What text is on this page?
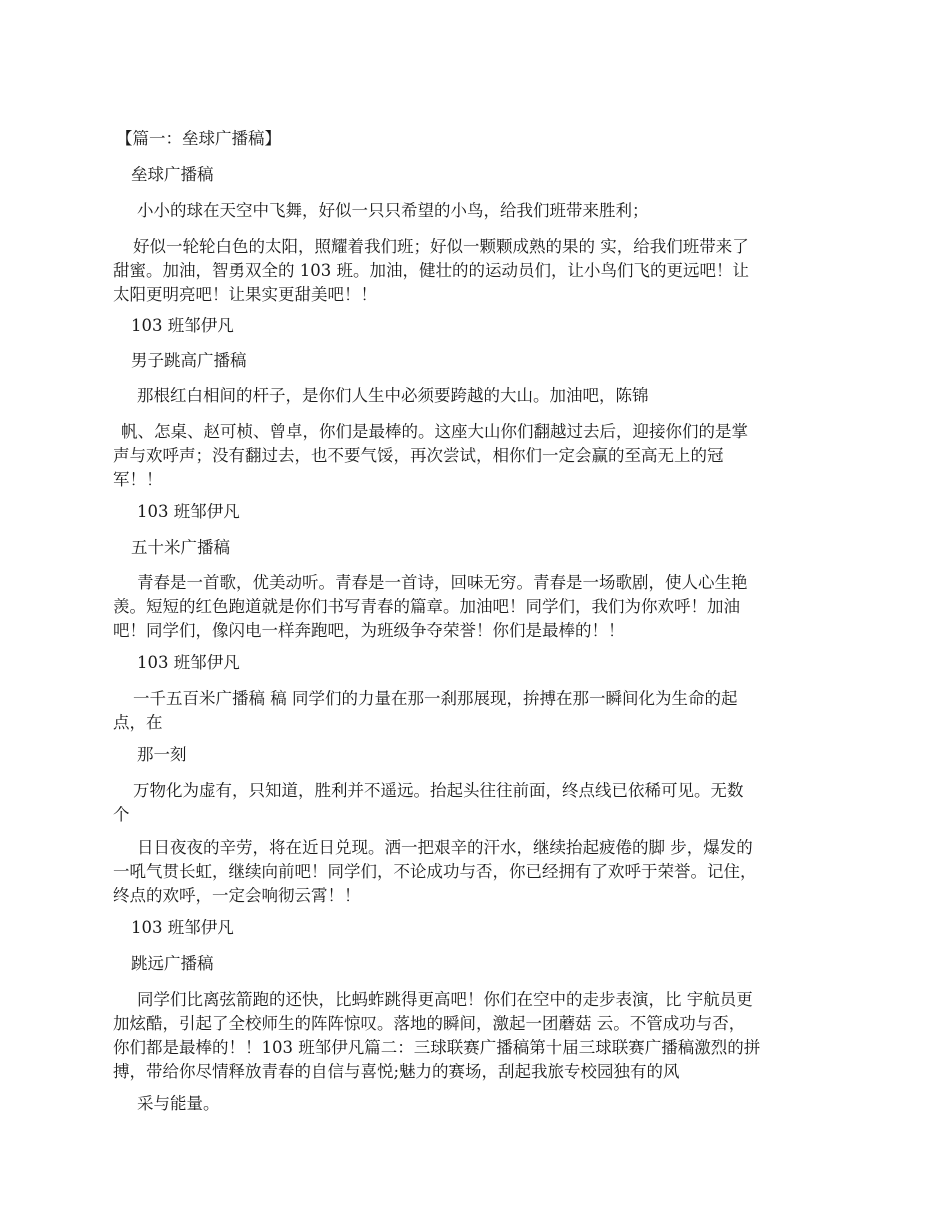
【篇一：垒球广播稿】

垒球广播稿

小小的球在天空中飞舞，好似一只只希望的小鸟，给我们班带来胜利；
好似一轮轮白色的太阳，照耀着我们班；好似一颗颗成熟的果的 实，给我们班带来了
甜蜜。加油，智勇双全的 103 班。加油，健壮的的运动员们，让小鸟们飞的更远吧！让
太阳更明亮吧！让果实更甜美吧！！

103 班邹伊凡

男子跳高广播稿

那根红白相间的杆子，是你们人生中必须要跨越的大山。加油吧，陈锦
帆、怎桌、赵可桢、曾卓，你们是最棒的。这座大山你们翻越过去后，迎接你们的是掌
声与欢呼声；没有翻过去，也不要气馁，再次尝试，相你们一定会赢的至高无上的冠
军！！

103 班邹伊凡

五十米广播稿

青春是一首歌，优美动听。青春是一首诗，回味无穷。青春是一场歌剧，使人心生艳
羡。短短的红色跑道就是你们书写青春的篇章。加油吧！同学们，我们为你欢呼！加油
吧！同学们，像闪电一样奔跑吧，为班级争夺荣誉！你们是最棒的！！

103 班邹伊凡

一千五百米广播稿 稿 同学们的力量在那一刹那展现，拚搏在那一瞬间化为生命的起
点，在
那一刻
万物化为虚有，只知道，胜利并不遥远。抬起头往往前面，终点线已依稀可见。无数
个
日日夜夜的辛劳，将在近日兑现。洒一把艰辛的汗水，继续抬起疲倦的脚 步，爆发的
一吼气贯长虹，继续向前吧！同学们，不论成功与否，你已经拥有了欢呼于荣誉。记住，
终点的欢呼，一定会响彻云霄！！

103 班邹伊凡

跳远广播稿

同学们比离弦箭跑的还快，比蚂蚱跳得更高吧！你们在空中的走步表演，比 宇航员更
加炫酷，引起了全校师生的阵阵惊叹。落地的瞬间，激起一团蘑菇 云。不管成功与否，
你们都是最棒的！！103 班邹伊凡篇二：三球联赛广播稿第十届三球联赛广播稿激烈的拼
搏，带给你尽情释放青春的自信与喜悦;魅力的赛场，刮起我旅专校园独有的风
采与能量。
